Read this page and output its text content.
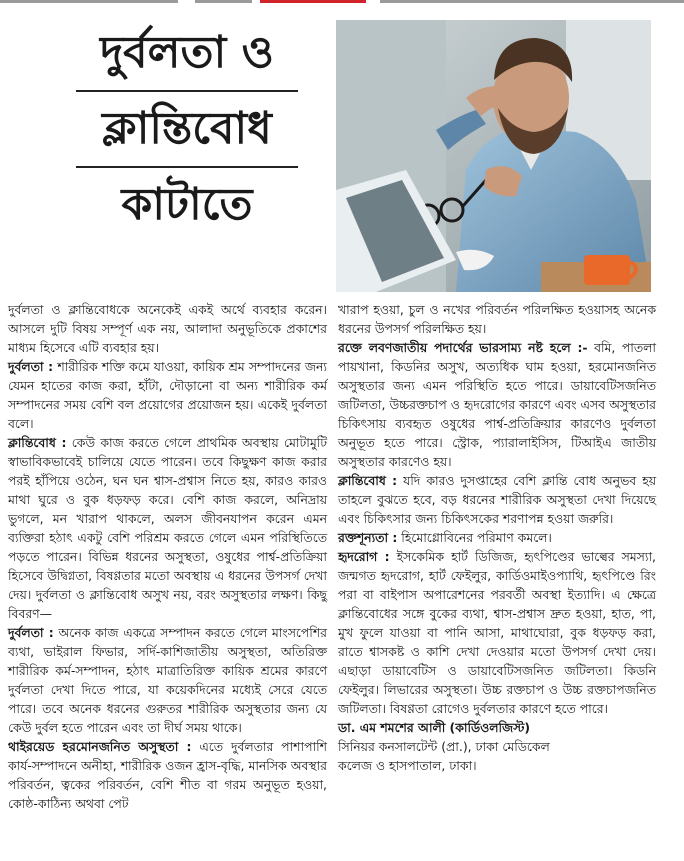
দুর্বলতা ও
ক্লান্তিবোধ
কাটাতে

দুর্বলতা ও ক্লান্তিবোধকে অনেকেই একই অর্থে ব্যবহার করেন। আসলে দুটি বিষয় সম্পূর্ণ এক নয়, আলাদা অনুভূতিকে প্রকাশের মাধ্যম হিসেবে এটি ব্যবহার হয়।

দুর্বলতা : শারীরিক শক্তি কমে যাওয়া, কায়িক শ্রম সম্পাদনের জন্য যেমন হাতের কাজ করা, হাঁটা, দৌড়ানো বা অন্য শারীরিক কর্ম সম্পাদনের সময় বেশি বল প্রয়োগের প্রয়োজন হয়। একেই দুর্বলতা বলে।

ক্লান্তিবোধ : কেউ কাজ করতে গেলে প্রাথমিক অবস্থায় মোটামুটি স্বাভাবিকভাবেই চালিয়ে যেতে পারেন। তবে কিছুক্ষণ কাজ করার পরই হাঁপিয়ে ওঠেন, ঘন ঘন শ্বাস-প্রশ্বাস নিতে হয়, কারও কারও মাথা ঘুরে ও বুক ধড়ফড় করে। বেশি কাজ করলে, অনিদ্রায় ভুগলে, মন খারাপ থাকলে, অলস জীবনযাপন করেন এমন ব্যক্তিরা হঠাৎ একটু বেশি পরিশ্রম করতে গেলে এমন পরিস্থিতিতে পড়তে পারেন। বিভিন্ন ধরনের অসুস্থতা, ওষুধের পার্শ্ব-প্রতিক্রিয়া হিসেবে উদ্বিগ্নতা, বিষণ্ণতার মতো অবস্থায় এ ধরনের উপসর্গ দেখা দেয়। দুর্বলতা ও ক্লান্তিবোধ অসুখ নয়, বরং অসুস্থতার লক্ষণ। কিছু বিবরণ—

দুর্বলতা : অনেক কাজ একত্রে সম্পাদন করতে গেলে মাংসপেশির ব্যথা, ভাইরাল ফিভার, সর্দি-কাশিজাতীয় অসুস্থতা, অতিরিক্ত শারীরিক কর্ম-সম্পাদন, হঠাৎ মাত্রাতিরিক্ত কায়িক শ্রমের কারণে দুর্বলতা দেখা দিতে পারে, যা কয়েকদিনের মধ্যেই সেরে যেতে পারে। তবে অনেক ধরনের গুরুতর শারীরিক অসুস্থতার জন্য যে কেউ দুর্বল হতে পারেন এবং তা দীর্ঘ সময় থাকে।

থাইরয়েড হরমোনজনিত অসুস্থতা : এতে দুর্বলতার পাশাপাশি কার্য-সম্পাদনে অনীহা, শারীরিক ওজন হ্রাস-বৃদ্ধি, মানসিক অবস্থার পরিবর্তন, ত্বকের পরিবর্তন, বেশি শীত বা গরম অনুভূত হওয়া, কোষ্ঠ-কাঠিন্য অথবা পেট

খারাপ হওয়া, চুল ও নখের পরিবর্তন পরিলক্ষিত হওয়াসহ অনেক ধরনের উপসর্গ পরিলক্ষিত হয়।

রক্তে লবণজাতীয় পদার্থের ভারসাম্য নষ্ট হলে :- বমি, পাতলা পায়খানা, কিডনির অসুখ, অত্যধিক ঘাম হওয়া, হরমোনজনিত অসুস্থতার জন্য এমন পরিস্থিতি হতে পারে। ডায়াবেটিসজনিত জটিলতা, উচ্চরক্তচাপ ও হৃদরোগের কারণে এবং এসব অসুস্থতার চিকিৎসায় ব্যবহৃত ওষুধের পার্শ্ব-প্রতিক্রিয়ার কারণেও দুর্বলতা অনুভূত হতে পারে। স্ট্রোক, প্যারালাইসিস, টিআইএ জাতীয় অসুস্থতার কারণেও হয়।

ক্লান্তিবোধ : যদি কারও দুসপ্তাহের বেশি ক্লান্তি বোধ অনুভব হয় তাহলে বুঝতে হবে, বড় ধরনের শারীরিক অসুস্থতা দেখা দিয়েছে এবং চিকিৎসার জন্য চিকিৎসকের শরণাপন্ন হওয়া জরুরি।

রক্তশূন্যতা : হিমোগ্লোবিনের পরিমাণ কমলে।

হৃদরোগ : ইসকেমিক হার্ট ডিজিজ, হৃৎপিণ্ডের ভাল্বের সমস্যা, জন্মগত হৃদরোগ, হার্ট ফেইলুর, কার্ডিওমাইওপ্যাথি, হৃৎপিণ্ডে রিং পরা বা বাইপাস অপারেশনের পরবর্তী অবস্থা ইত্যাদি। এ ক্ষেত্রে ক্লান্তিবোধের সঙ্গে বুকের ব্যথা, শ্বাস-প্রশ্বাস দ্রুত হওয়া, হাত, পা, মুখ ফুলে যাওয়া বা পানি আসা, মাথাঘোরা, বুক ধড়ফড় করা, রাতে শ্বাসকষ্ট ও কাশি দেখা দেওয়ার মতো উপসর্গ দেখা দেয়। এছাড়া ডায়াবেটিস ও ডায়াবেটিসজনিত জটিলতা। কিডনি ফেইলুর। লিভারের অসুস্থতা। উচ্চ রক্তচাপ ও উচ্চ রক্তচাপজনিত জটিলতা। বিষণ্ণতা রোগেও দুর্বলতার কারণে হতে পারে।

ডা. এম শমশের আলী (কার্ডিওলজিস্ট)

সিনিয়র কনসালটেন্ট (প্রা.), ঢাকা মেডিকেল

কলেজ ও হাসপাতাল, ঢাকা।
